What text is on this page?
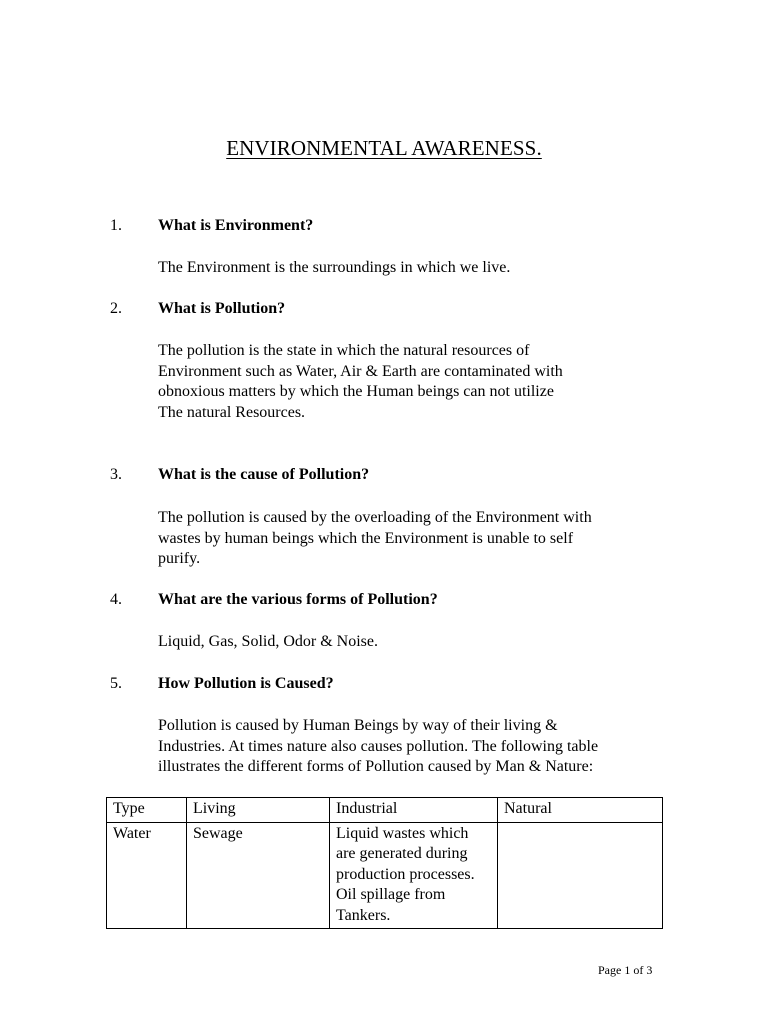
ENVIRONMENTAL AWARENESS.
1. What is Environment?
The Environment is the surroundings in which we live.
2. What is Pollution?
The pollution is the state in which the natural resources of
Environment such as Water, Air & Earth are contaminated with
obnoxious matters by which the Human beings can not utilize
The natural Resources.
3. What is the cause of Pollution?
The pollution is caused by the overloading of the Environment with
wastes by human beings which the Environment is unable to self
purify.
4. What are the various forms of Pollution?
Liquid, Gas, Solid, Odor & Noise.
5. How Pollution is Caused?
Pollution is caused by Human Beings by way of their living &
Industries. At times nature also causes pollution. The following table
illustrates the different forms of Pollution caused by Man & Nature:
Type	Living	Industrial	Natural
Water	Sewage	Liquid wastes which
are generated during
production processes.
Oil spillage from
Tankers.	

Page 1 of 3
